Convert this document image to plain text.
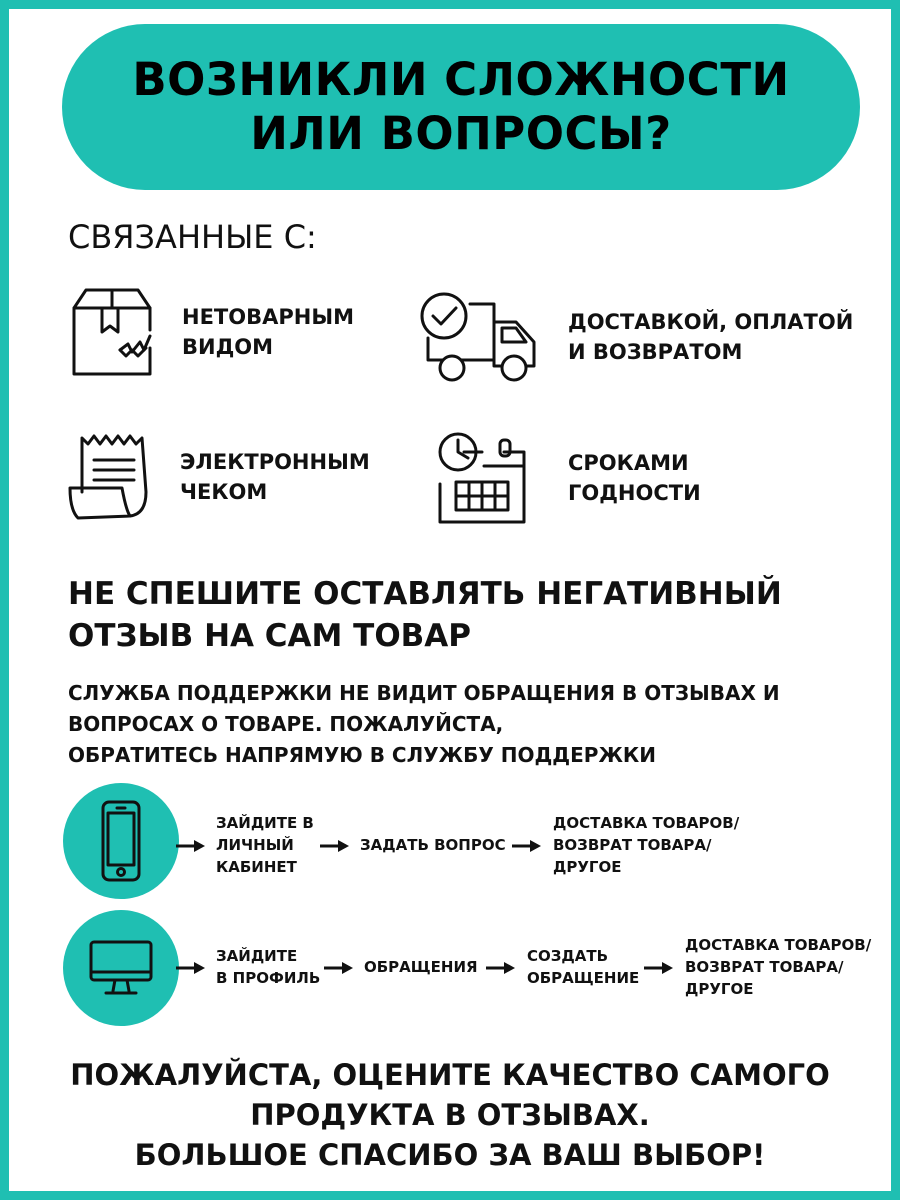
ВОЗНИКЛИ СЛОЖНОСТИ
ИЛИ ВОПРОСЫ?
СВЯЗАННЫЕ С:
НЕТОВАРНЫМ
ВИДОМ
ДОСТАВКОЙ, ОПЛАТОЙ
И ВОЗВРАТОМ
ЭЛЕКТРОННЫМ
ЧЕКОМ
СРОКАМИ
ГОДНОСТИ
НЕ СПЕШИТЕ ОСТАВЛЯТЬ НЕГАТИВНЫЙ
ОТЗЫВ НА САМ ТОВАР
СЛУЖБА ПОДДЕРЖКИ НЕ ВИДИТ ОБРАЩЕНИЯ В ОТЗЫВАХ И
ВОПРОСАХ О ТОВАРЕ. ПОЖАЛУЙСТА,
ОБРАТИТЕСЬ НАПРЯМУЮ В СЛУЖБУ ПОДДЕРЖКИ
ЗАЙДИТЕ В
ЛИЧНЫЙ
КАБИНЕТ
ЗАДАТЬ ВОПРОС
ДОСТАВКА ТОВАРОВ/
ВОЗВРАТ ТОВАРА/
ДРУГОЕ
ЗАЙДИТЕ
В ПРОФИЛЬ
ОБРАЩЕНИЯ
СОЗДАТЬ
ОБРАЩЕНИЕ
ДОСТАВКА ТОВАРОВ/
ВОЗВРАТ ТОВАРА/
ДРУГОЕ
ПОЖАЛУЙСТА, ОЦЕНИТЕ КАЧЕСТВО САМОГО
ПРОДУКТА В ОТЗЫВАХ.
БОЛЬШОЕ СПАСИБО ЗА ВАШ ВЫБОР!
